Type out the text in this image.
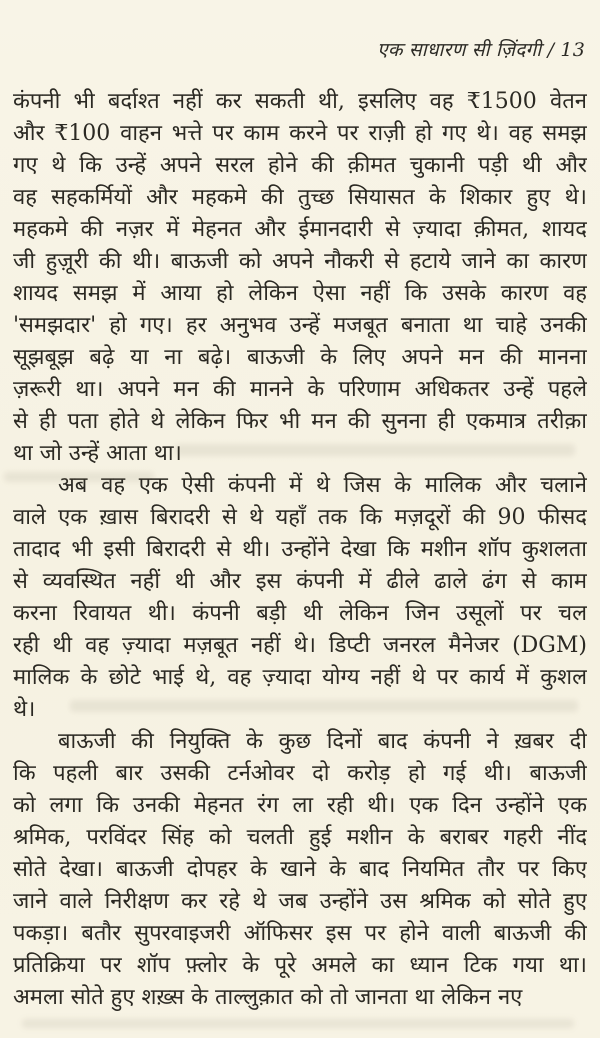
एक साधारण सी ज़िंदगी / 13
कंपनी भी बर्दाश्त नहीं कर सकती थी, इसलिए वह ₹1500 वेतन
और ₹100 वाहन भत्ते पर काम करने पर राज़ी हो गए थे। वह समझ
गए थे कि उन्हें अपने सरल होने की क़ीमत चुकानी पड़ी थी और
वह सहकर्मियों और महकमे की तुच्छ सियासत के शिकार हुए थे।
महकमे की नज़र में मेहनत और ईमानदारी से ज़्यादा क़ीमत, शायद
जी हुज़ूरी की थी। बाऊजी को अपने नौकरी से हटाये जाने का कारण
शायद समझ में आया हो लेकिन ऐसा नहीं कि उसके कारण वह
'समझदार' हो गए। हर अनुभव उन्हें मजबूत बनाता था चाहे उनकी
सूझबूझ बढ़े या ना बढ़े। बाऊजी के लिए अपने मन की मानना
ज़रूरी था। अपने मन की मानने के परिणाम अधिकतर उन्हें पहले
से ही पता होते थे लेकिन फिर भी मन की सुनना ही एकमात्र तरीक़ा
था जो उन्हें आता था।
अब वह एक ऐसी कंपनी में थे जिस के मालिक और चलाने
वाले एक ख़ास बिरादरी से थे यहाँ तक कि मज़दूरों की 90 फीसद
तादाद भी इसी बिरादरी से थी। उन्होंने देखा कि मशीन शॉप कुशलता
से व्यवस्थित नहीं थी और इस कंपनी में ढीले ढाले ढंग से काम
करना रिवायत थी। कंपनी बड़ी थी लेकिन जिन उसूलों पर चल
रही थी वह ज़्यादा मज़बूत नहीं थे। डिप्टी जनरल मैनेजर (DGM)
मालिक के छोटे भाई थे, वह ज़्यादा योग्य नहीं थे पर कार्य में कुशल
थे।
बाऊजी की नियुक्ति के कुछ दिनों बाद कंपनी ने ख़बर दी
कि पहली बार उसकी टर्नओवर दो करोड़ हो गई थी। बाऊजी
को लगा कि उनकी मेहनत रंग ला रही थी। एक दिन उन्होंने एक
श्रमिक, परविंदर सिंह को चलती हुई मशीन के बराबर गहरी नींद
सोते देखा। बाऊजी दोपहर के खाने के बाद नियमित तौर पर किए
जाने वाले निरीक्षण कर रहे थे जब उन्होंने उस श्रमिक को सोते हुए
पकड़ा। बतौर सुपरवाइजरी ऑफिसर इस पर होने वाली बाऊजी की
प्रतिक्रिया पर शॉप फ़्लोर के पूरे अमले का ध्यान टिक गया था।
अमला सोते हुए शख़्स के ताल्लुक़ात को तो जानता था लेकिन नए
